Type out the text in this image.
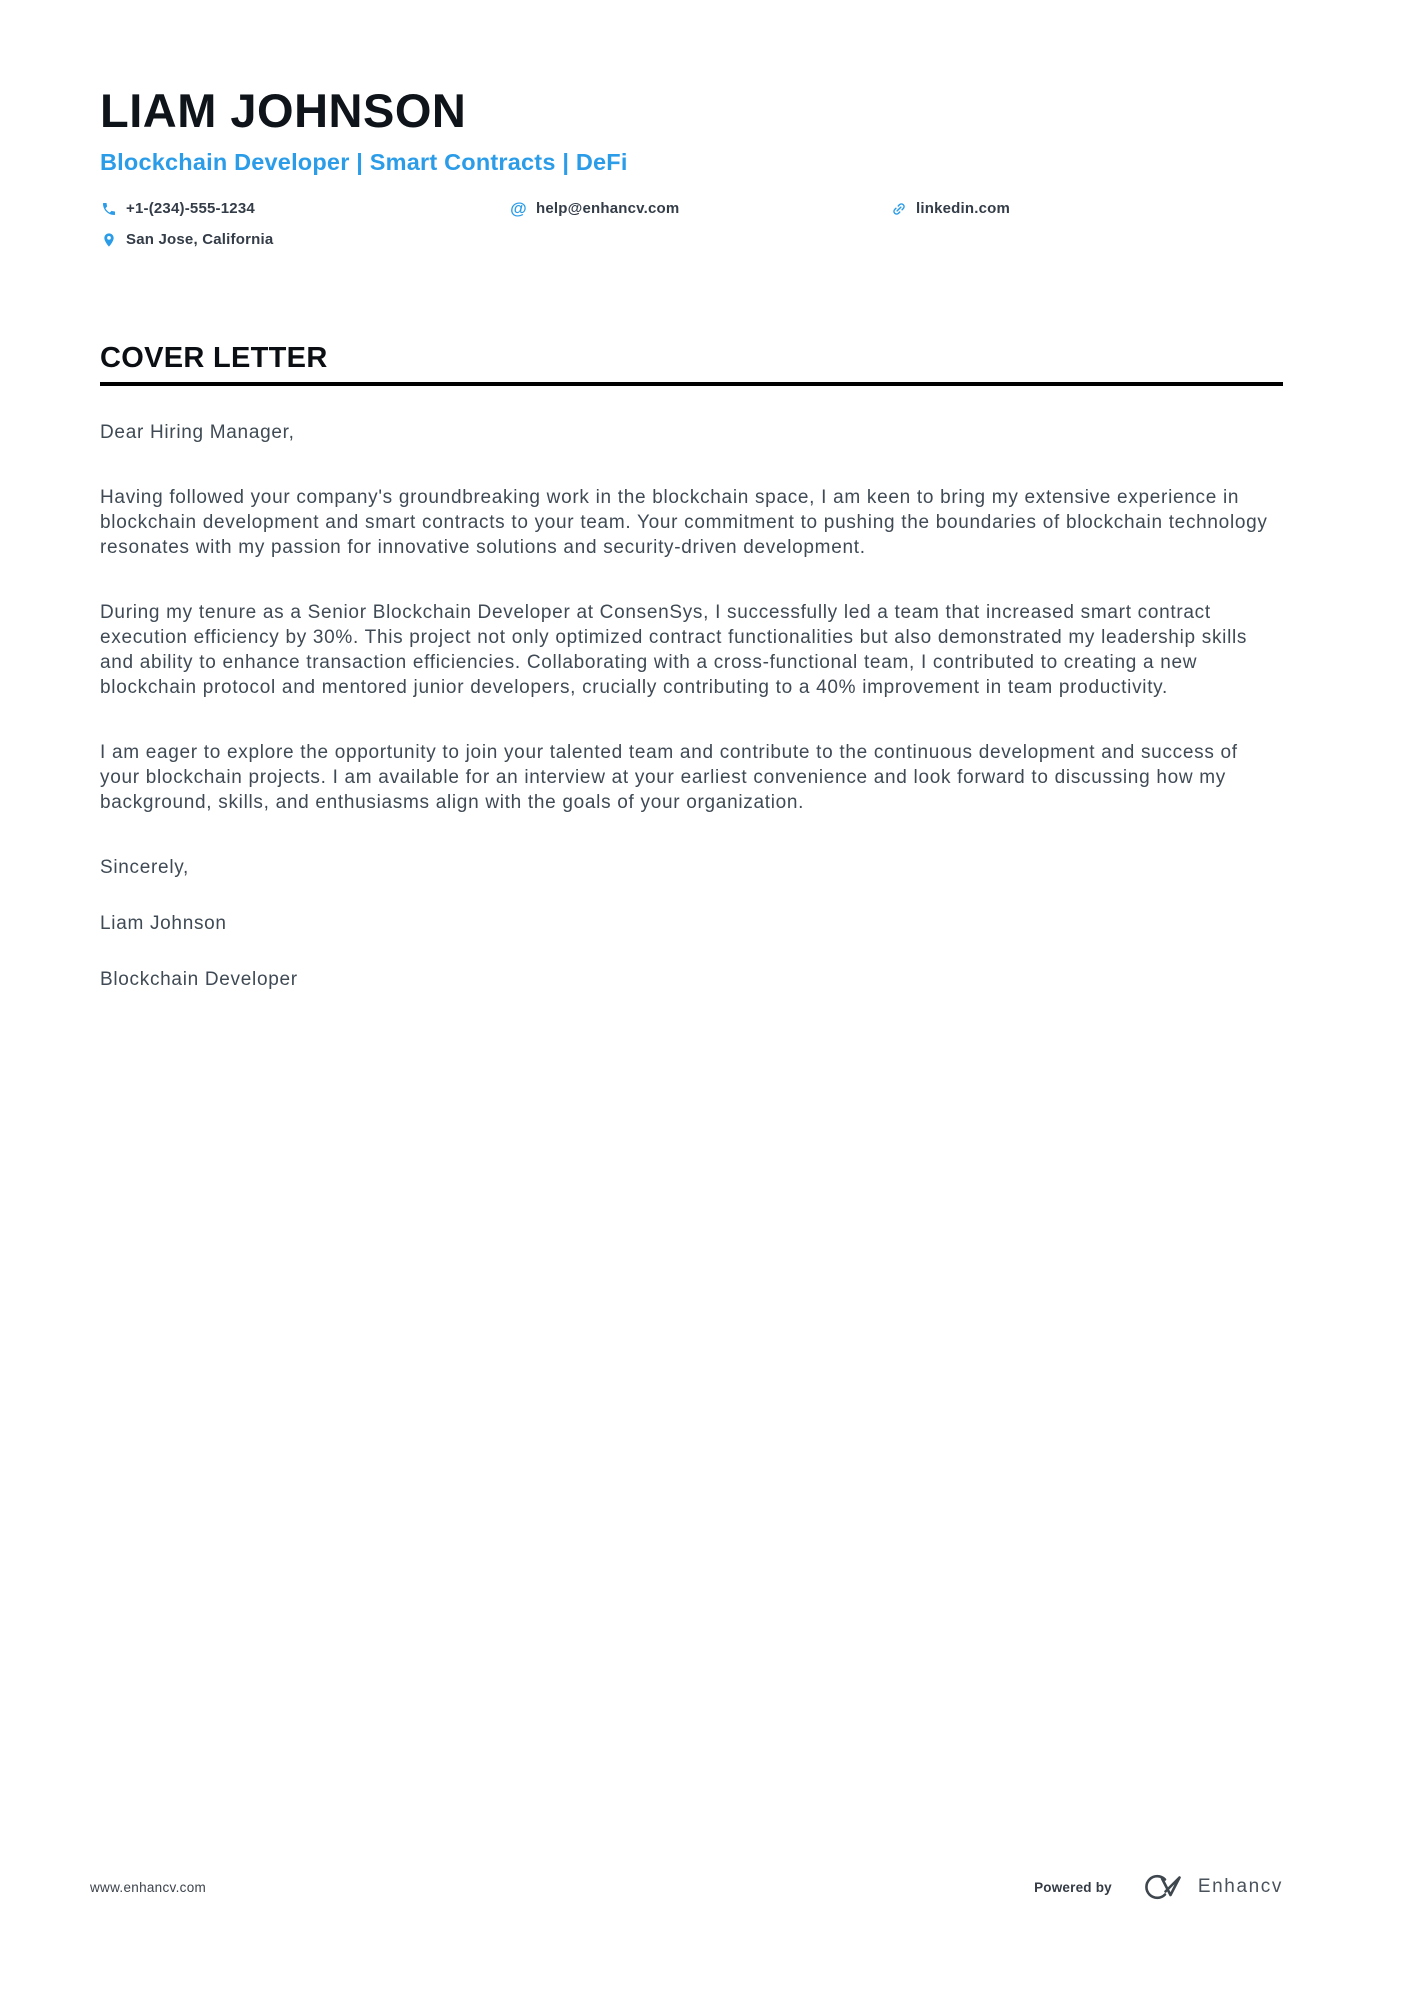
LIAM JOHNSON
Blockchain Developer | Smart Contracts | DeFi
+1-(234)-555-1234	@ help@enhancv.com	linkedin.com
San Jose, California
COVER LETTER

Dear Hiring Manager,

Having followed your company's groundbreaking work in the blockchain space, I am keen to bring my extensive experience in blockchain development and smart contracts to your team. Your commitment to pushing the boundaries of blockchain technology resonates with my passion for innovative solutions and security-driven development.

During my tenure as a Senior Blockchain Developer at ConsenSys, I successfully led a team that increased smart contract execution efficiency by 30%. This project not only optimized contract functionalities but also demonstrated my leadership skills and ability to enhance transaction efficiencies. Collaborating with a cross-functional team, I contributed to creating a new blockchain protocol and mentored junior developers, crucially contributing to a 40% improvement in team productivity.

I am eager to explore the opportunity to join your talented team and contribute to the continuous development and success of your blockchain projects. I am available for an interview at your earliest convenience and look forward to discussing how my background, skills, and enthusiasms align with the goals of your organization.

Sincerely,

Liam Johnson

Blockchain Developer

www.enhancv.com	Powered by	Enhancv
